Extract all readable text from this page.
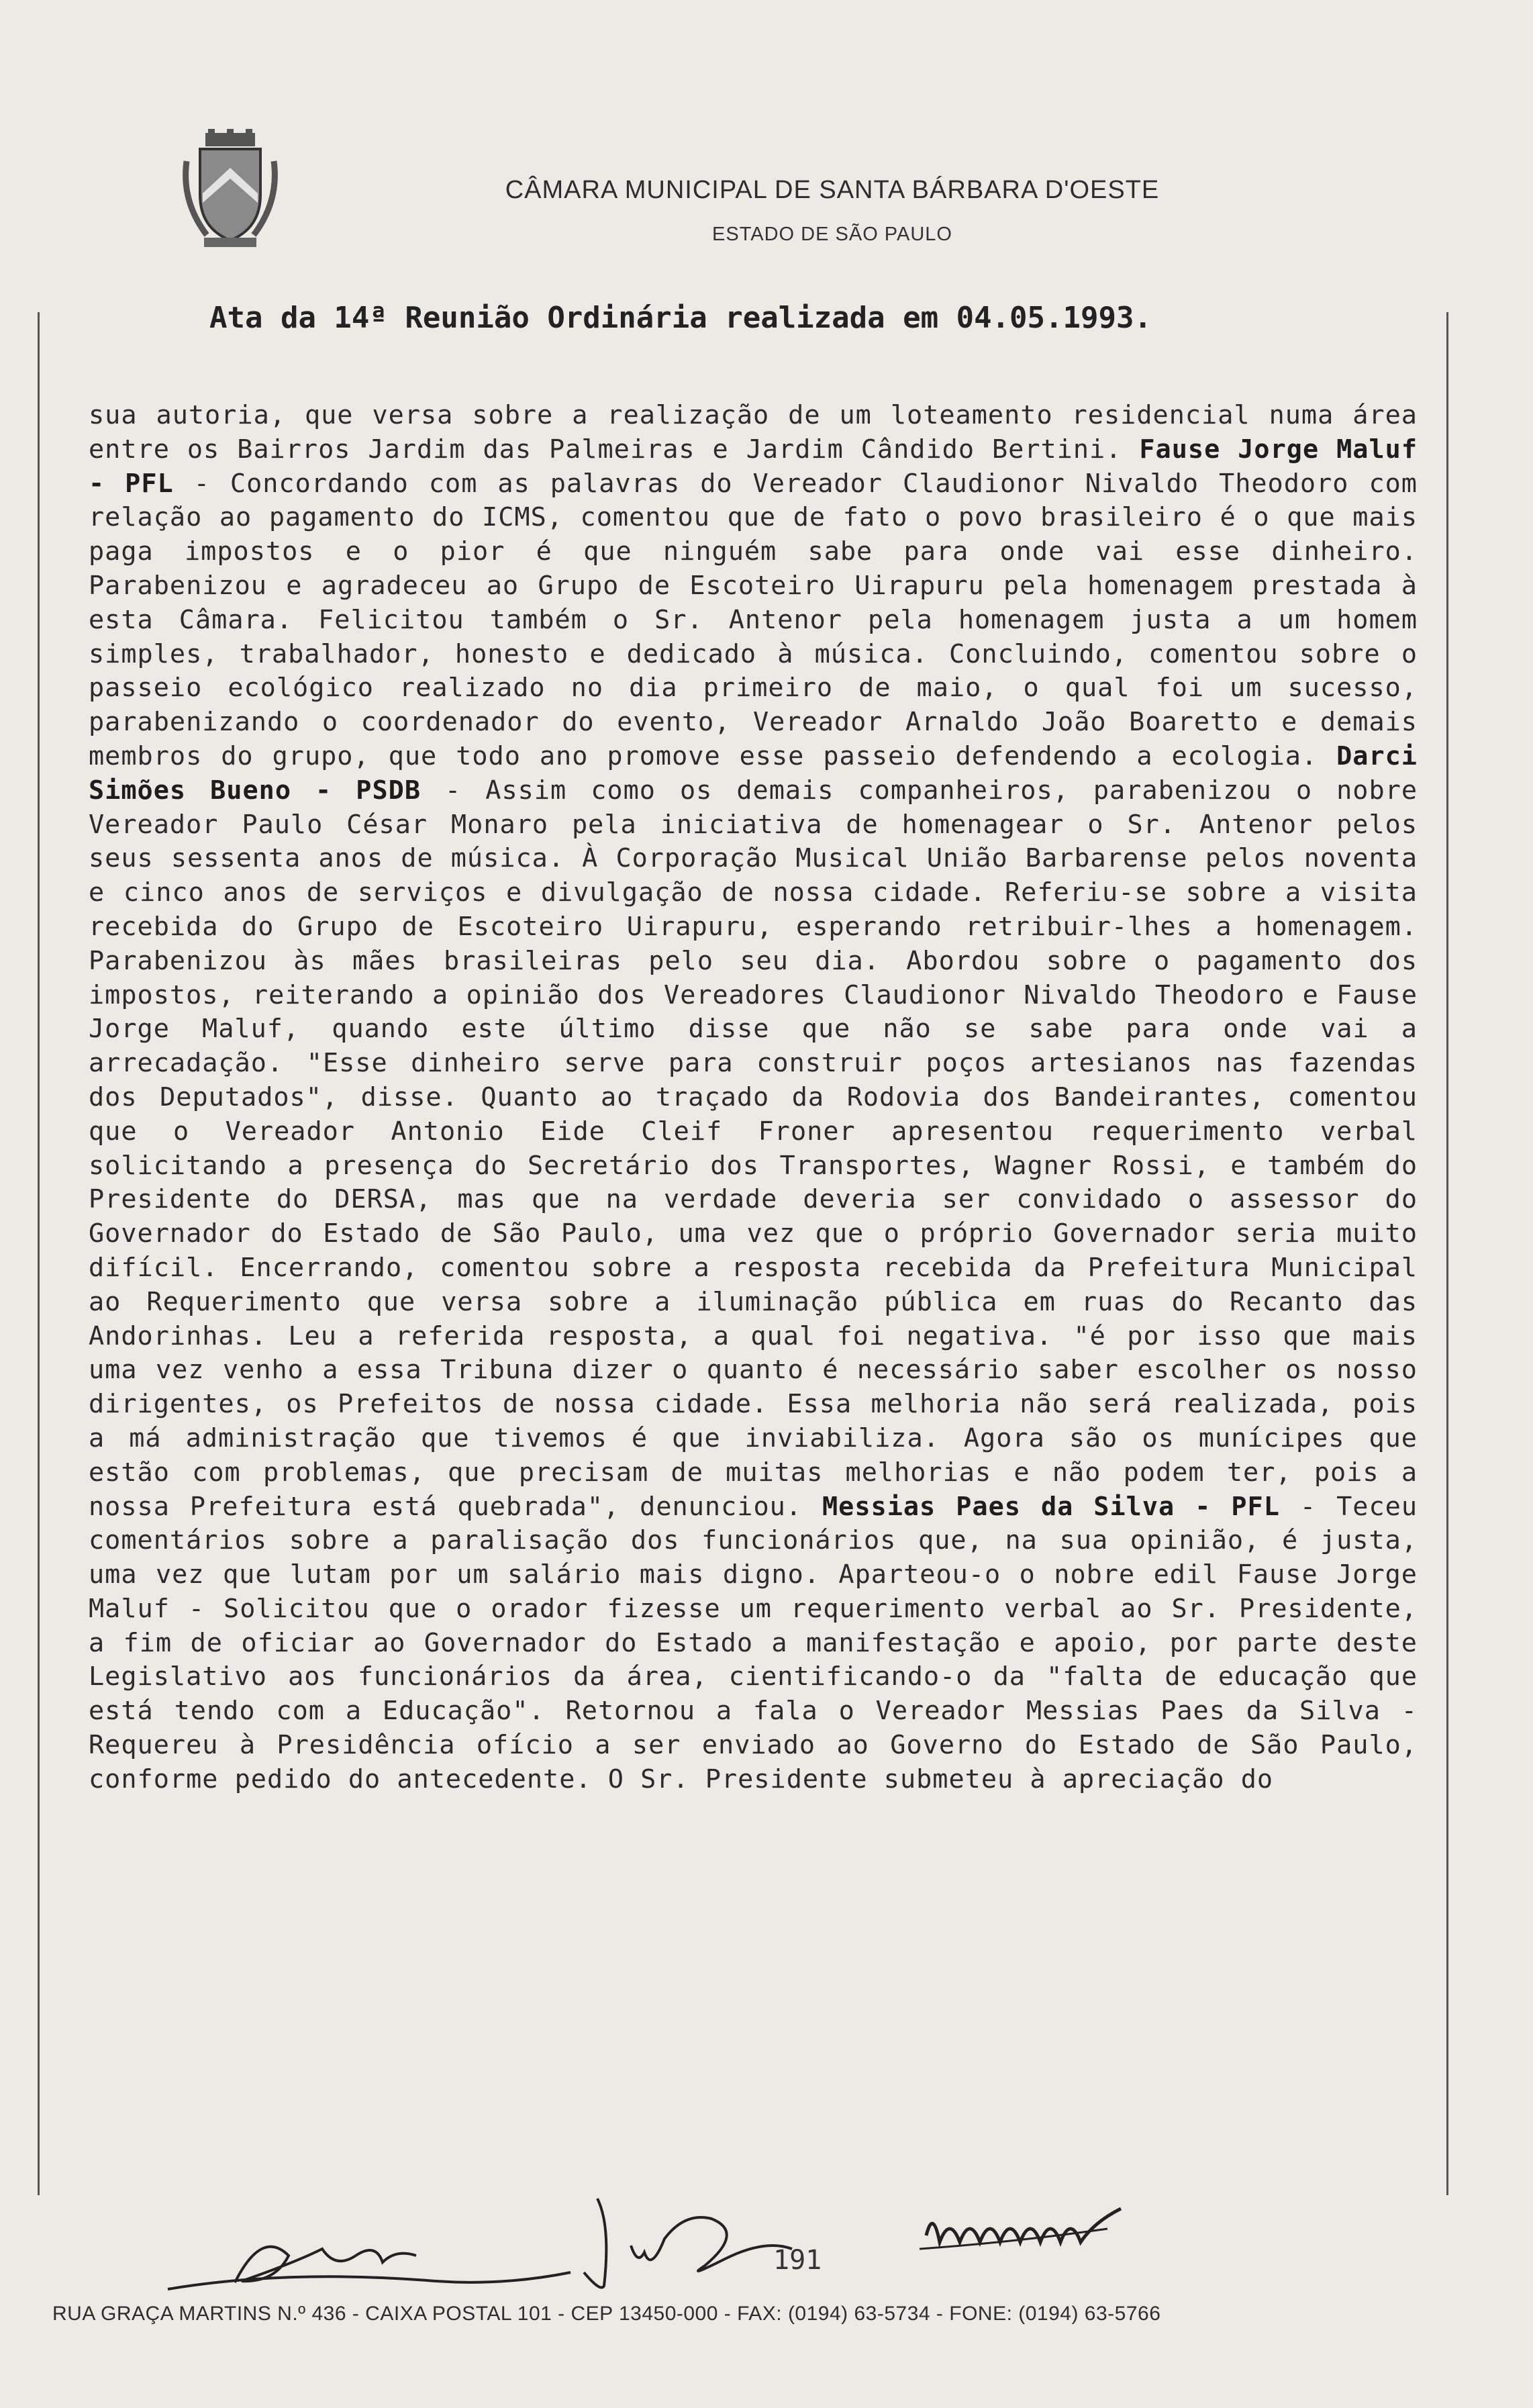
CÂMARA MUNICIPAL DE SANTA BÁRBARA D'OESTE
ESTADO DE SÃO PAULO
Ata da 14ª Reunião Ordinária realizada em 04.05.1993.
sua autoria, que versa sobre a realização de um loteamento residencial numa área entre os Bairros Jardim das Palmeiras e Jardim Cândido Bertini. Fause Jorge Maluf - PFL - Concordando com as palavras do Vereador Claudionor Nivaldo Theodoro com relação ao pagamento do ICMS, comentou que de fato o povo brasileiro é o que mais paga impostos e o pior é que ninguém sabe para onde vai esse dinheiro. Parabenizou e agradeceu ao Grupo de Escoteiro Uirapuru pela homenagem prestada à esta Câmara. Felicitou também o Sr. Antenor pela homenagem justa a um homem simples, trabalhador, honesto e dedicado à música. Concluindo, comentou sobre o passeio ecológico realizado no dia primeiro de maio, o qual foi um sucesso, parabenizando o coordenador do evento, Vereador Arnaldo João Boaretto e demais membros do grupo, que todo ano promove esse passeio defendendo a ecologia. Darci Simões Bueno - PSDB - Assim como os demais companheiros, parabenizou o nobre Vereador Paulo César Monaro pela iniciativa de homenagear o Sr. Antenor pelos seus sessenta anos de música. À Corporação Musical União Barbarense pelos noventa e cinco anos de serviços e divulgação de nossa cidade. Referiu-se sobre a visita recebida do Grupo de Escoteiro Uirapuru, esperando retribuir-lhes a homenagem. Parabenizou às mães brasileiras pelo seu dia. Abordou sobre o pagamento dos impostos, reiterando a opinião dos Vereadores Claudionor Nivaldo Theodoro e Fause Jorge Maluf, quando este último disse que não se sabe para onde vai a arrecadação. "Esse dinheiro serve para construir poços artesianos nas fazendas dos Deputados", disse. Quanto ao traçado da Rodovia dos Bandeirantes, comentou que o Vereador Antonio Eide Cleif Froner apresentou requerimento verbal solicitando a presença do Secretário dos Transportes, Wagner Rossi, e também do Presidente do DERSA, mas que na verdade deveria ser convidado o assessor do Governador do Estado de São Paulo, uma vez que o próprio Governador seria muito difícil. Encerrando, comentou sobre a resposta recebida da Prefeitura Municipal ao Requerimento que versa sobre a iluminação pública em ruas do Recanto das Andorinhas. Leu a referida resposta, a qual foi negativa. "é por isso que mais uma vez venho a essa Tribuna dizer o quanto é necessário saber escolher os nosso dirigentes, os Prefeitos de nossa cidade. Essa melhoria não será realizada, pois a má administração que tivemos é que inviabiliza. Agora são os munícipes que estão com problemas, que precisam de muitas melhorias e não podem ter, pois a nossa Prefeitura está quebrada", denunciou. Messias Paes da Silva - PFL - Teceu comentários sobre a paralisação dos funcionários que, na sua opinião, é justa, uma vez que lutam por um salário mais digno. Aparteou-o o nobre edil Fause Jorge Maluf - Solicitou que o orador fizesse um requerimento verbal ao Sr. Presidente, a fim de oficiar ao Governador do Estado a manifestação e apoio, por parte deste Legislativo aos funcionários da área, cientificando-o da "falta de educação que está tendo com a Educação". Retornou a fala o Vereador Messias Paes da Silva - Requereu à Presidência ofício a ser enviado ao Governo do Estado de São Paulo, conforme pedido do antecedente. O Sr. Presidente submeteu à apreciação do
191
RUA GRAÇA MARTINS N.º 436 - CAIXA POSTAL 101 - CEP 13450-000 - FAX: (0194) 63-5734 - FONE: (0194) 63-5766
